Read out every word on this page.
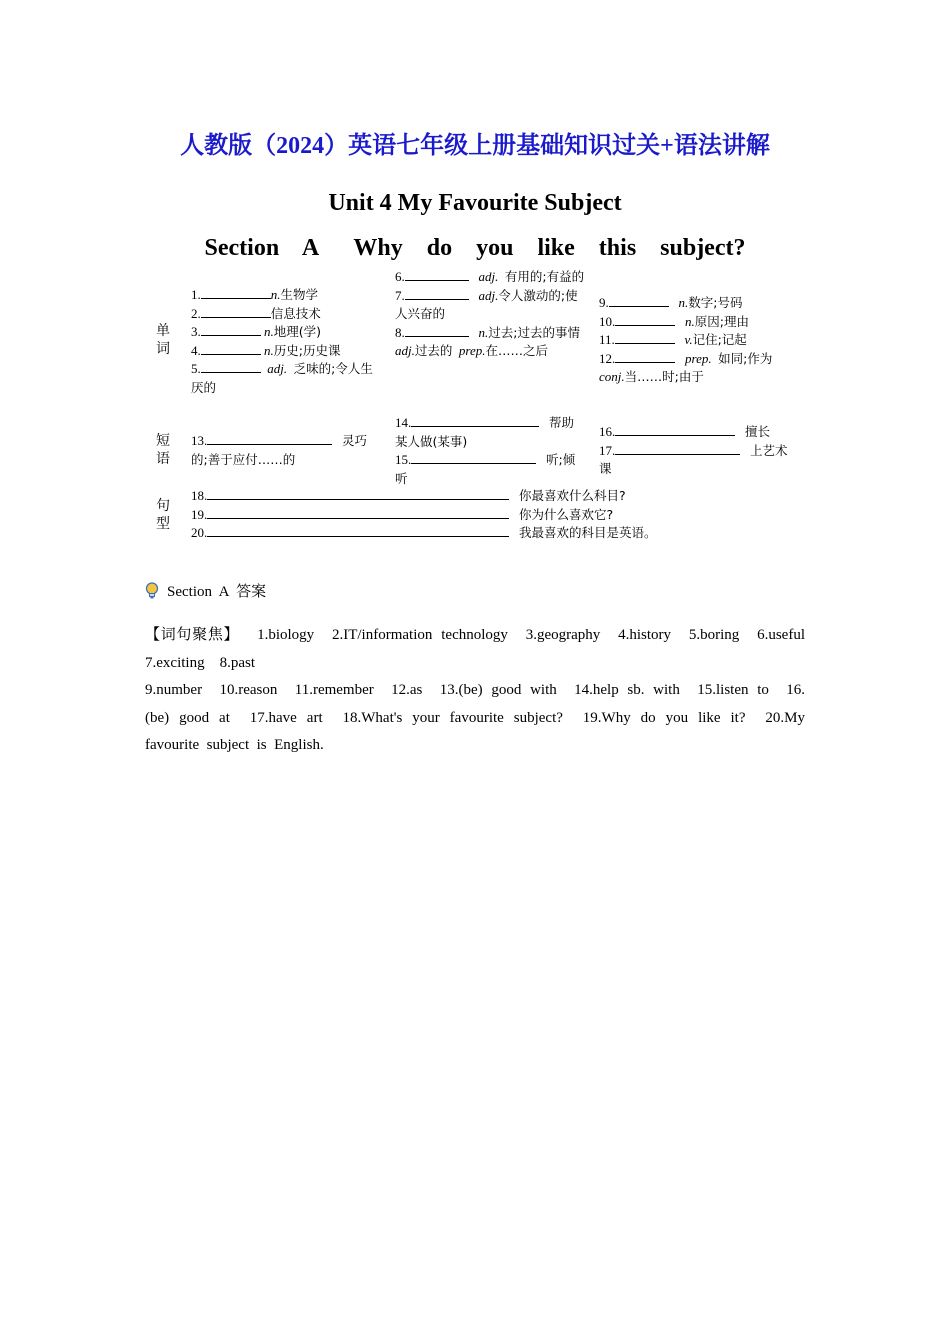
人教版（2024）英语七年级上册基础知识过关+语法讲解
Unit 4 My Favourite Subject
Section  A   Why  do  you  like  this  subject?
单词
短语
句型
1.	n.生物学
2.	信息技术
3.	n.地理(学)
4.	n.历史;历史课
5.	adj. 乏味的;令人生厌的
6.	adj. 有用的;有益的
7.	adj.令人激动的;使人兴奋的
8.	n.过去;过去的事情  adj.过去的 prep.在……之后
9.	n.数字;号码
10.	n.原因;理由
11.	v.记住;记起
12.	prep. 如同;作为 conj.当……时;由于
13.	灵巧的;善于应付……的
14.	帮助某人做(某事)
15.	听;倾听
16.	擅长
17.	上艺术课
18.	你最喜欢什么科目?
19.	你为什么喜欢它?
20.	我最喜欢的科目是英语。
Section  A  答案

【词句聚焦】 1.biology    2.IT/information  technology    3.geography    4.history    5.boring    6.useful    7.exciting    8.past

9.number    10.reason    11.remember    12.as    13.(be)  good  with    14.help  sb.  with    15.listen  to    16.(be)  good  at    17.have  art    18.What's  your  favourite  subject?    19.Why  do  you  like  it?    20.My  favourite  subject  is  English.
